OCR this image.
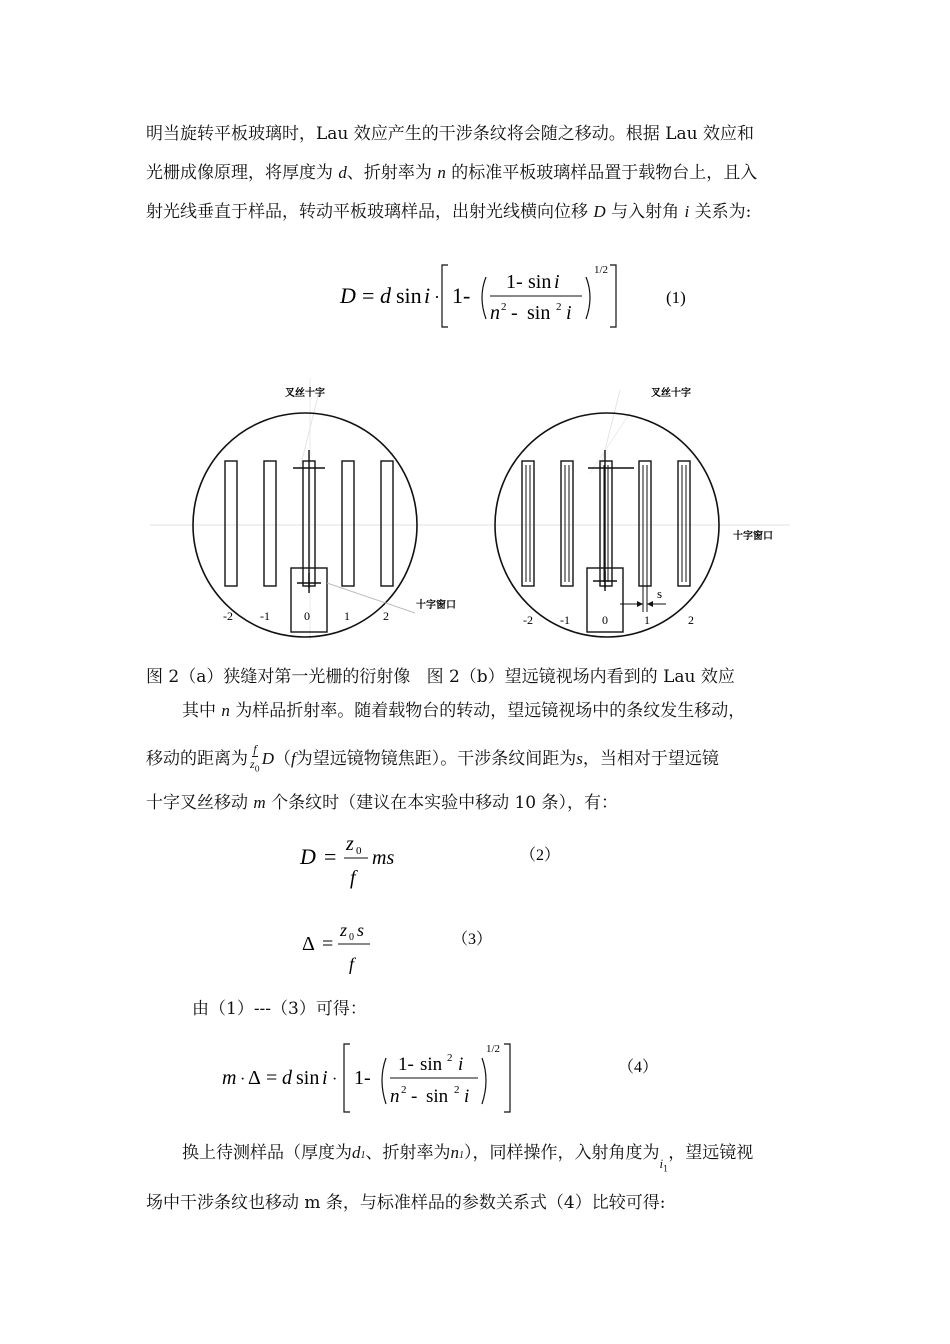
明当旋转平板玻璃时，Lau 效应产生的干涉条纹将会随之移动。根据 Lau 效应和
光栅成像原理，将厚度为 d、折射率为 n 的标准平板玻璃样品置于载物台上，且入
射光线垂直于样品，转动平板玻璃样品，出射光线横向位移 D 与入射角 i 关系为:
D = d sin i · 1-
1- sin i
n 2 - sin 2 i
1/2
(1)
叉丝十字
十字窗口
-2 -1	0	1	2
s
叉丝十字
十字窗口
-2 -1	0	1	2
图 2（a）狭缝对第一光栅的衍射像 图 2（b）望远镜视场内看到的 Lau 效应
其中 n 为样品折射率。随着载物台的转动，望远镜视场中的条纹发生移动，
移动的距离为 $\frac{f}{z_0}$ D （ f 为望远镜物镜焦距）。干涉条纹间距为 s ，当相对于望远镜
十字叉丝移动 m 个条纹时（建议在本实验中移动 10 条），有：
D = z 0
f
ms	（2）
Δ =
z 0 s
f
（3）
由（1）---（3）可得：
m · Δ = d sin i · 1-
1- sin 2 i
n 2 - sin 2 i
1/2
（4）
换上待测样品（厚度为 d 1 、折射率为 n 1 ），同样操作，入射角度为
$i_1$
，望远镜视
场中干涉条纹也移动 m 条，与标准样品的参数关系式（4）比较可得:
